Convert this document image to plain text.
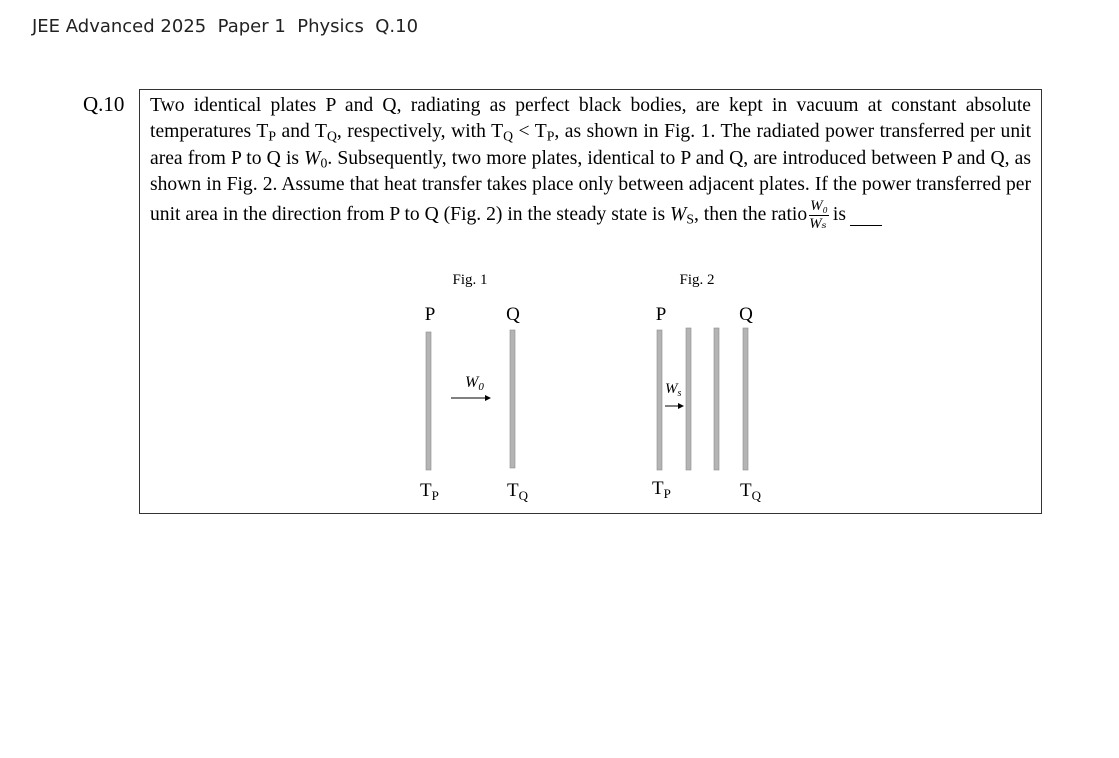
JEE Advanced 2025  Paper 1  Physics  Q.10
Q.10 Two identical plates P and Q, radiating as perfect black bodies, are kept in vacuum at constant absolute temperatures $T_P$ and $T_Q$, respectively, with $T_Q < T_P$, as shown in Fig. 1. The radiated power transferred per unit area from P to Q is $W_0$. Subsequently, two more plates, identical to P and Q, are introduced between P and Q, as shown in Fig. 2. Assume that heat transfer takes place only between adjacent plates. If the power transferred per unit area in the direction from P to Q (Fig. 2) in the steady state is $W_S$, then the ratio $\frac{\text{W₀}}{\text{Wₛ}}$ is
Fig. 1
P	Q
W0
$T_P$	$T_Q$
Fig. 2
P	Q
$W_s$
$T_P$	$T_Q$
